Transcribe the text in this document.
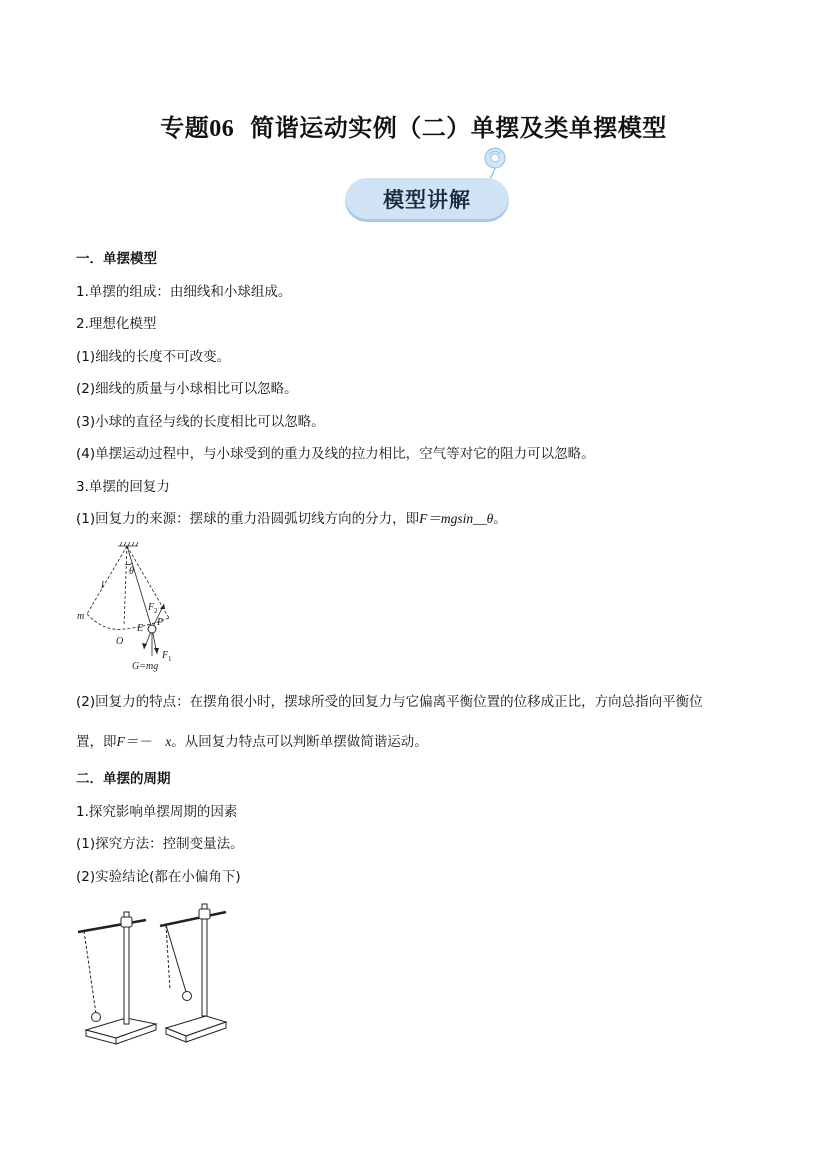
专题06 简谐运动实例（二）单摆及类单摆模型
模型讲解
一．单摆模型
1.单摆的组成：由细线和小球组成。
2.理想化模型
(1)细线的长度不可改变。
(2)细线的质量与小球相比可以忽略。
(3)小球的直径与线的长度相比可以忽略。
(4)单摆运动过程中，与小球受到的重力及线的拉力相比，空气等对它的阻力可以忽略。
3.单摆的回复力
(1)回复力的来源：摆球的重力沿圆弧切线方向的分力，即F＝mgsin__θ。
θ
l
m
O
E
P
F 2
F 1
G=mg
(2)回复力的特点：在摆角很小时，摆球所受的回复力与它偏离平衡位置的位移成正比，方向总指向平衡位
置，即F＝－　x。从回复力特点可以判断单摆做简谐运动。
二．单摆的周期
1.探究影响单摆周期的因素
(1)探究方法：控制变量法。
(2)实验结论(都在小偏角下)
